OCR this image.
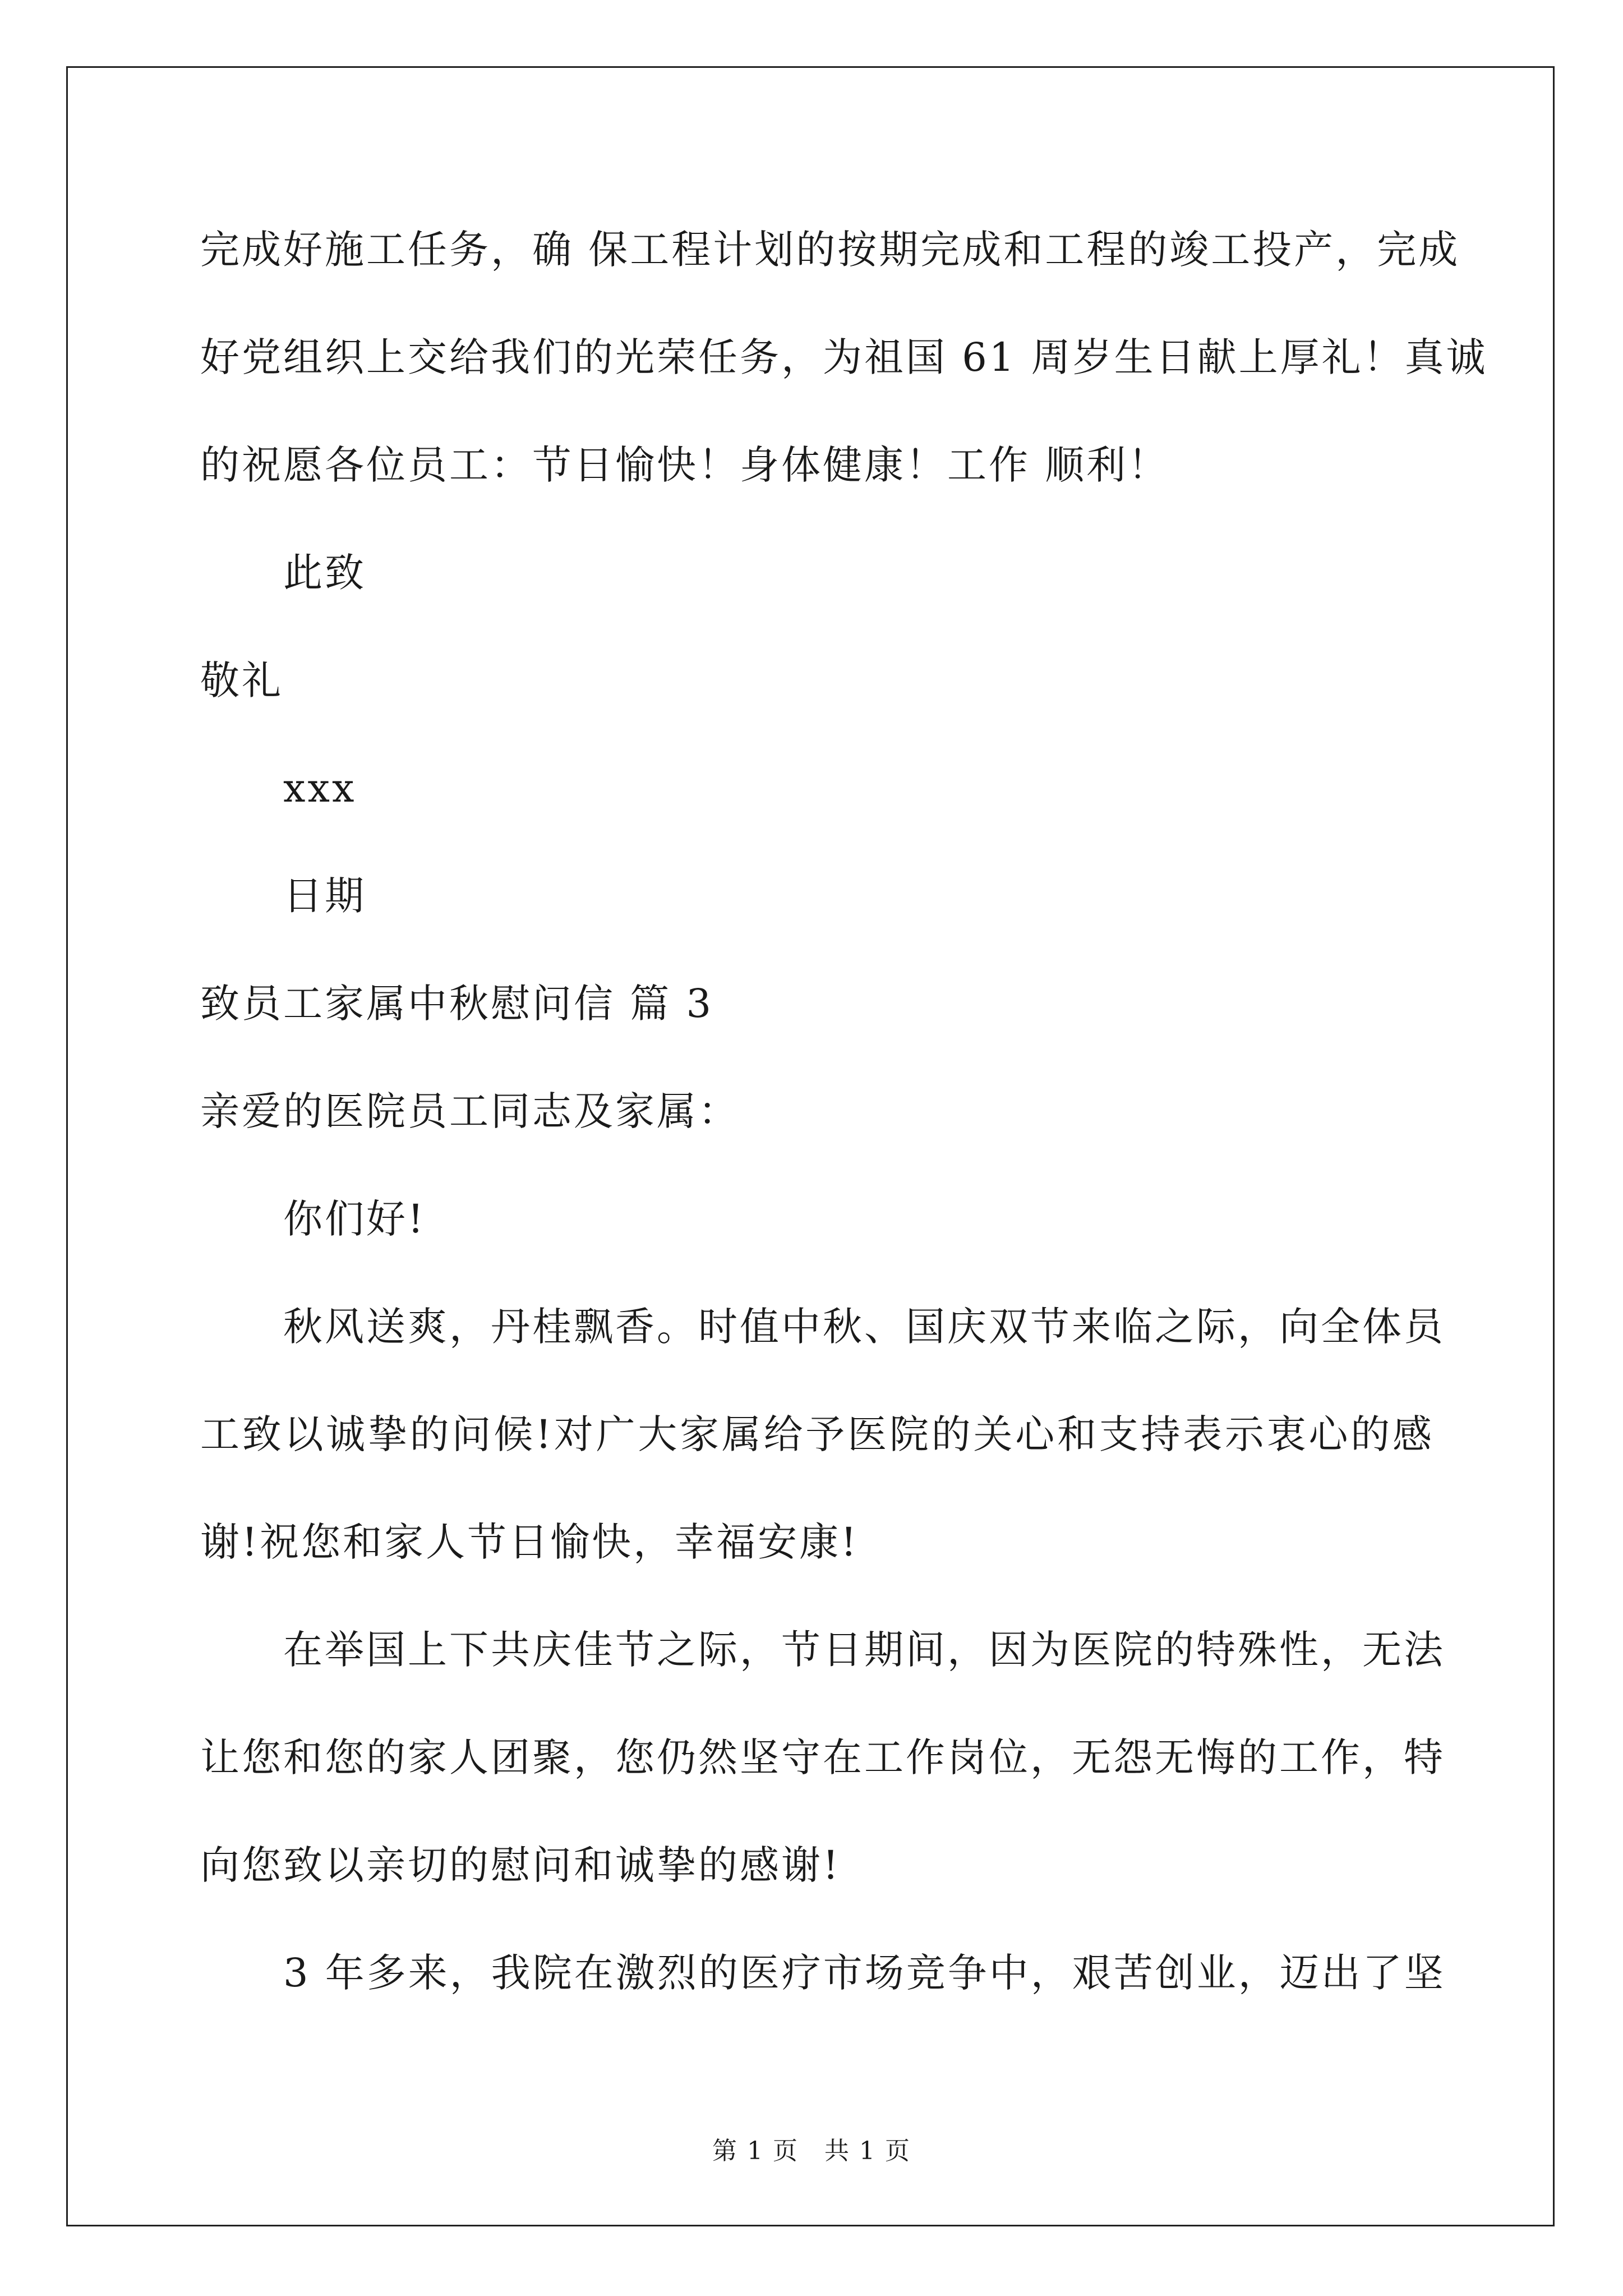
完成好施工任务，确 保工程计划的按期完成和工程的竣工投产，完成
好党组织上交给我们的光荣任务，为祖国 61 周岁生日献上厚礼！真诚
的祝愿各位员工：节日愉快！身体健康！工作 顺利！
此致
敬礼
xxx
日期
致员工家属中秋慰问信 篇 3
亲爱的医院员工同志及家属：
你们好!
秋风送爽，丹桂飘香。时值中秋、国庆双节来临之际，向全体员
工致以诚挚的问候!对广大家属给予医院的关心和支持表示衷心的感
谢!祝您和家人节日愉快，幸福安康!
在举国上下共庆佳节之际，节日期间，因为医院的特殊性，无法
让您和您的家人团聚，您仍然坚守在工作岗位，无怨无悔的工作，特
向您致以亲切的慰问和诚挚的感谢!
3 年多来，我院在激烈的医疗市场竞争中，艰苦创业，迈出了坚
第 1 页　共 1 页
